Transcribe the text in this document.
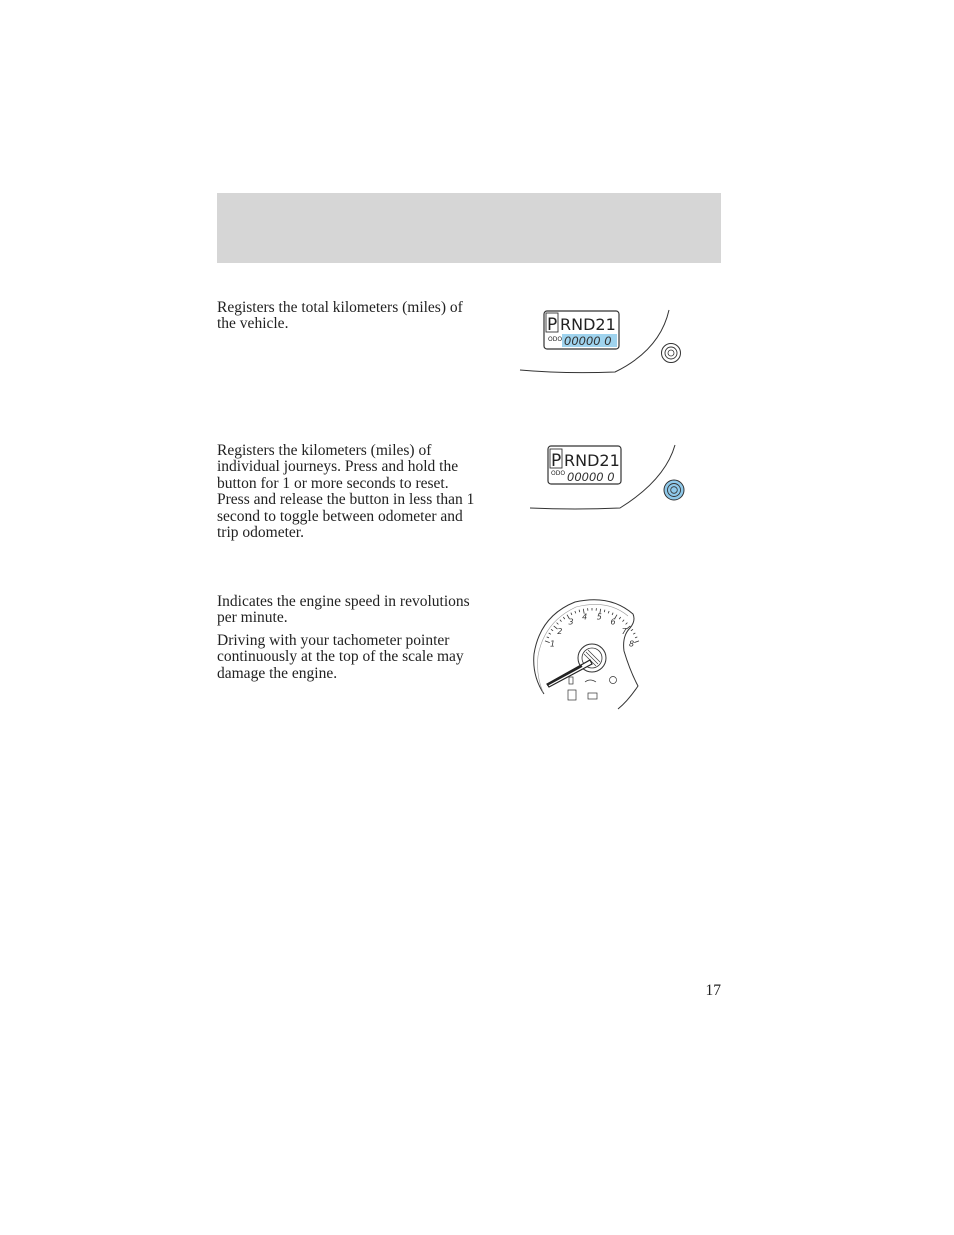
Registers the total kilometers (miles) of the vehicle.	P RND21
ODO 00000 0

Registers the kilometers (miles) of individual journeys. Press and hold the button for 1 or more seconds to reset. Press and release the button in less than 1 second to toggle between odometer and trip odometer.

P RND21
ODO 00000 0

Indicates the engine speed in revolutions per minute.

Driving with your tachometer pointer continuously at the top of the scale may damage the engine.

1
2
3
4 5
6
7
8
17
